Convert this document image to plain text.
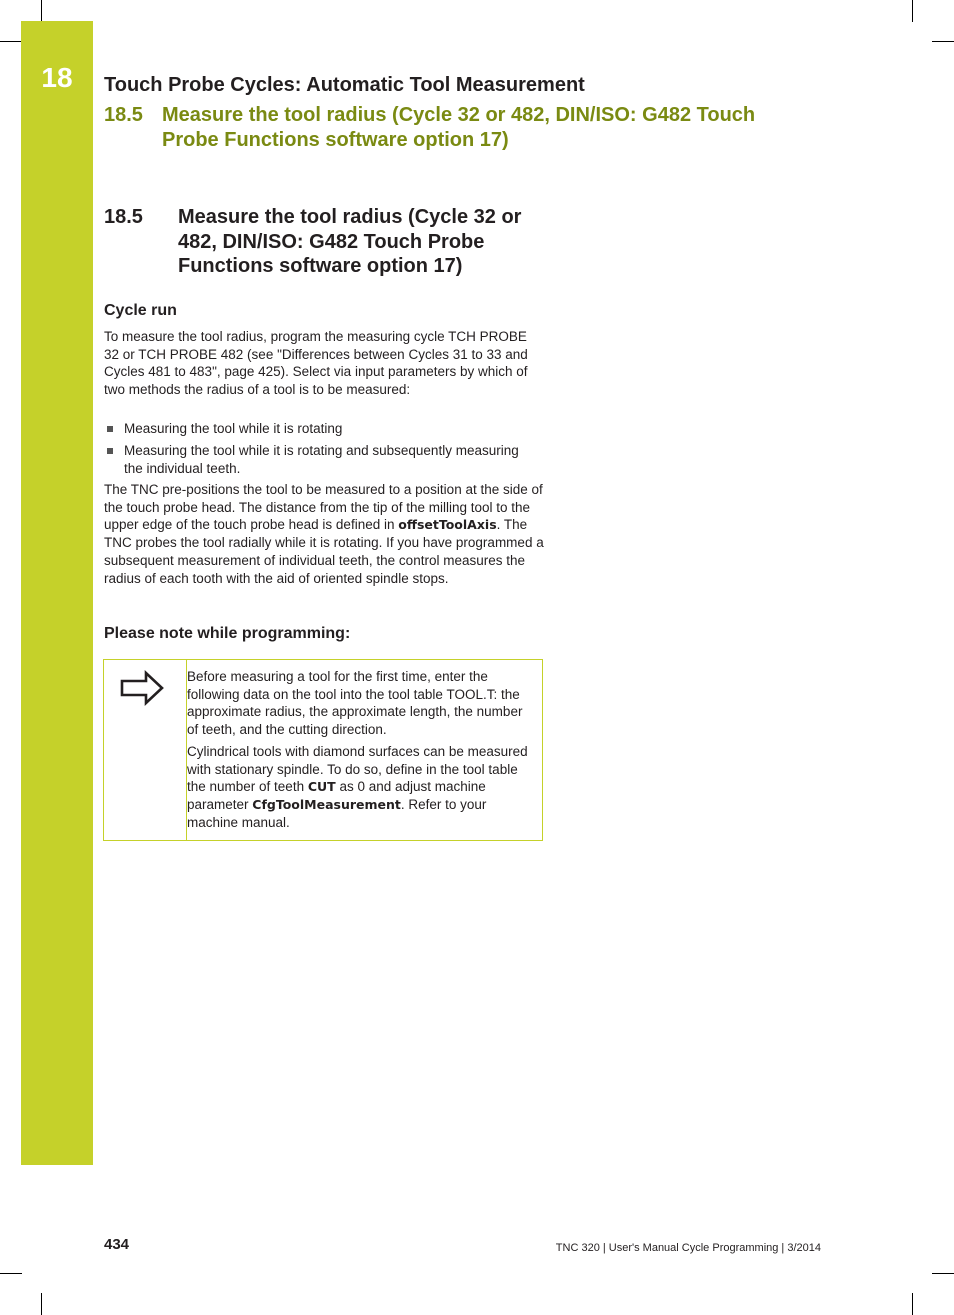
18	Touch Probe Cycles: Automatic Tool Measurement
18.5 Measure the tool radius (Cycle 32 or 482, DIN/ISO: G482 Touch Probe Functions software option 17)
18.5 Measure the tool radius (Cycle 32 or 482, DIN/ISO: G482 Touch Probe Functions software option 17)
Cycle run

To measure the tool radius, program the measuring cycle TCH PROBE 32 or TCH PROBE 482 (see "Differences between Cycles 31 to 33 and Cycles 481 to 483", page 425). Select via input parameters by which of two methods the radius of a tool is to be measured:

Measuring the tool while it is rotating
Measuring the tool while it is rotating and subsequently measuring the individual teeth.

The TNC pre-positions the tool to be measured to a position at the side of the touch probe head. The distance from the tip of the milling tool to the upper edge of the touch probe head is defined in offsetToolAxis. The TNC probes the tool radially while it is rotating. If you have programmed a subsequent measurement of individual teeth, the control measures the radius of each tooth with the aid of oriented spindle stops.

Please note while programming:

Before measuring a tool for the first time, enter the following data on the tool into the tool table TOOL.T: the approximate radius, the approximate length, the number of teeth, and the cutting direction.

Cylindrical tools with diamond surfaces can be measured with stationary spindle. To do so, define in the tool table the number of teeth CUT as 0 and adjust machine parameter CfgToolMeasurement. Refer to your machine manual.

434	TNC 320 | User's Manual Cycle Programming | 3/2014
